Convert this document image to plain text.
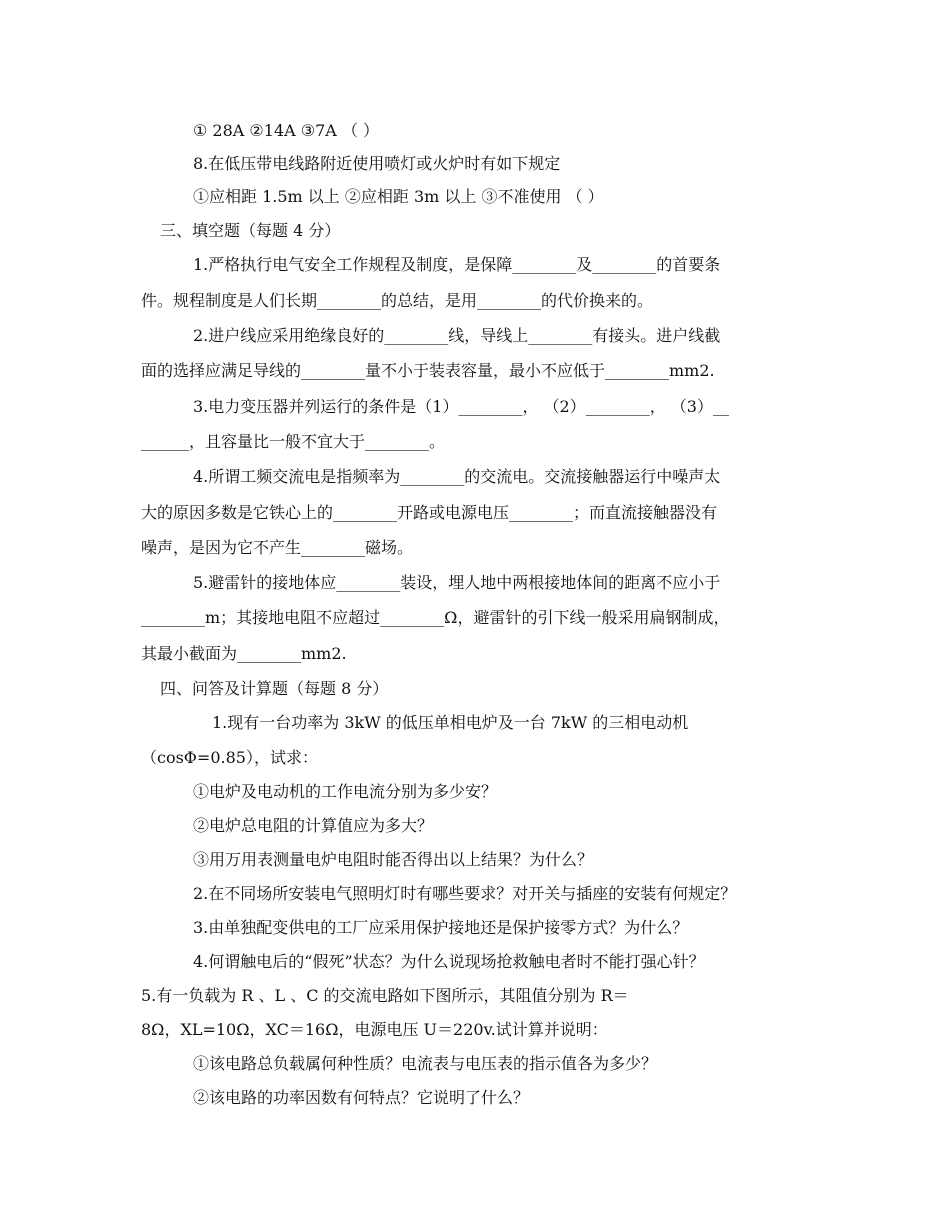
① 28A ②14A ③7A （ ）
8.在低压带电线路附近使用喷灯或火炉时有如下规定
①应相距 1.5m 以上 ②应相距 3m 以上 ③不准使用 （ ）
三、填空题（每题 4 分）
1.严格执行电气安全工作规程及制度，是保障________及________的首要条
件。规程制度是人们长期________的总结，是用________的代价换来的。
2.进户线应采用绝缘良好的________线，导线上________有接头。进户线截
面的选择应满足导线的________量不小于装表容量，最小不应低于________mm2.
3.电力变压器并列运行的条件是（1）________， （2）________， （3）__
______，且容量比一般不宜大于________。
4.所谓工频交流电是指频率为________的交流电。交流接触器运行中噪声太
大的原因多数是它铁心上的________开路或电源电压________；而直流接触器没有
噪声，是因为它不产生________磁场。
5.避雷针的接地体应________装设，埋人地中两根接地体间的距离不应小于
________m；其接地电阻不应超过________Ω，避雷针的引下线一般采用扁钢制成，
其最小截面为________mm2.
四、问答及计算题（每题 8 分）
1.现有一台功率为 3kW 的低压单相电炉及一台 7kW 的三相电动机
（cosΦ=0.85），试求：
①电炉及电动机的工作电流分别为多少安？
②电炉总电阻的计算值应为多大？
③用万用表测量电炉电阻时能否得出以上结果？为什么？
2.在不同场所安装电气照明灯时有哪些要求？对开关与插座的安装有何规定？
3.由单独配变供电的工厂应采用保护接地还是保护接零方式？为什么？
4.何谓触电后的“假死”状态？为什么说现场抢救触电者时不能打强心针？
5.有一负载为 R 、L 、C 的交流电路如下图所示，其阻值分别为 R＝
8Ω，XL=10Ω，XC＝16Ω，电源电压 U＝220v.试计算并说明：
①该电路总负载属何种性质？电流表与电压表的指示值各为多少？
②该电路的功率因数有何特点？它说明了什么？
